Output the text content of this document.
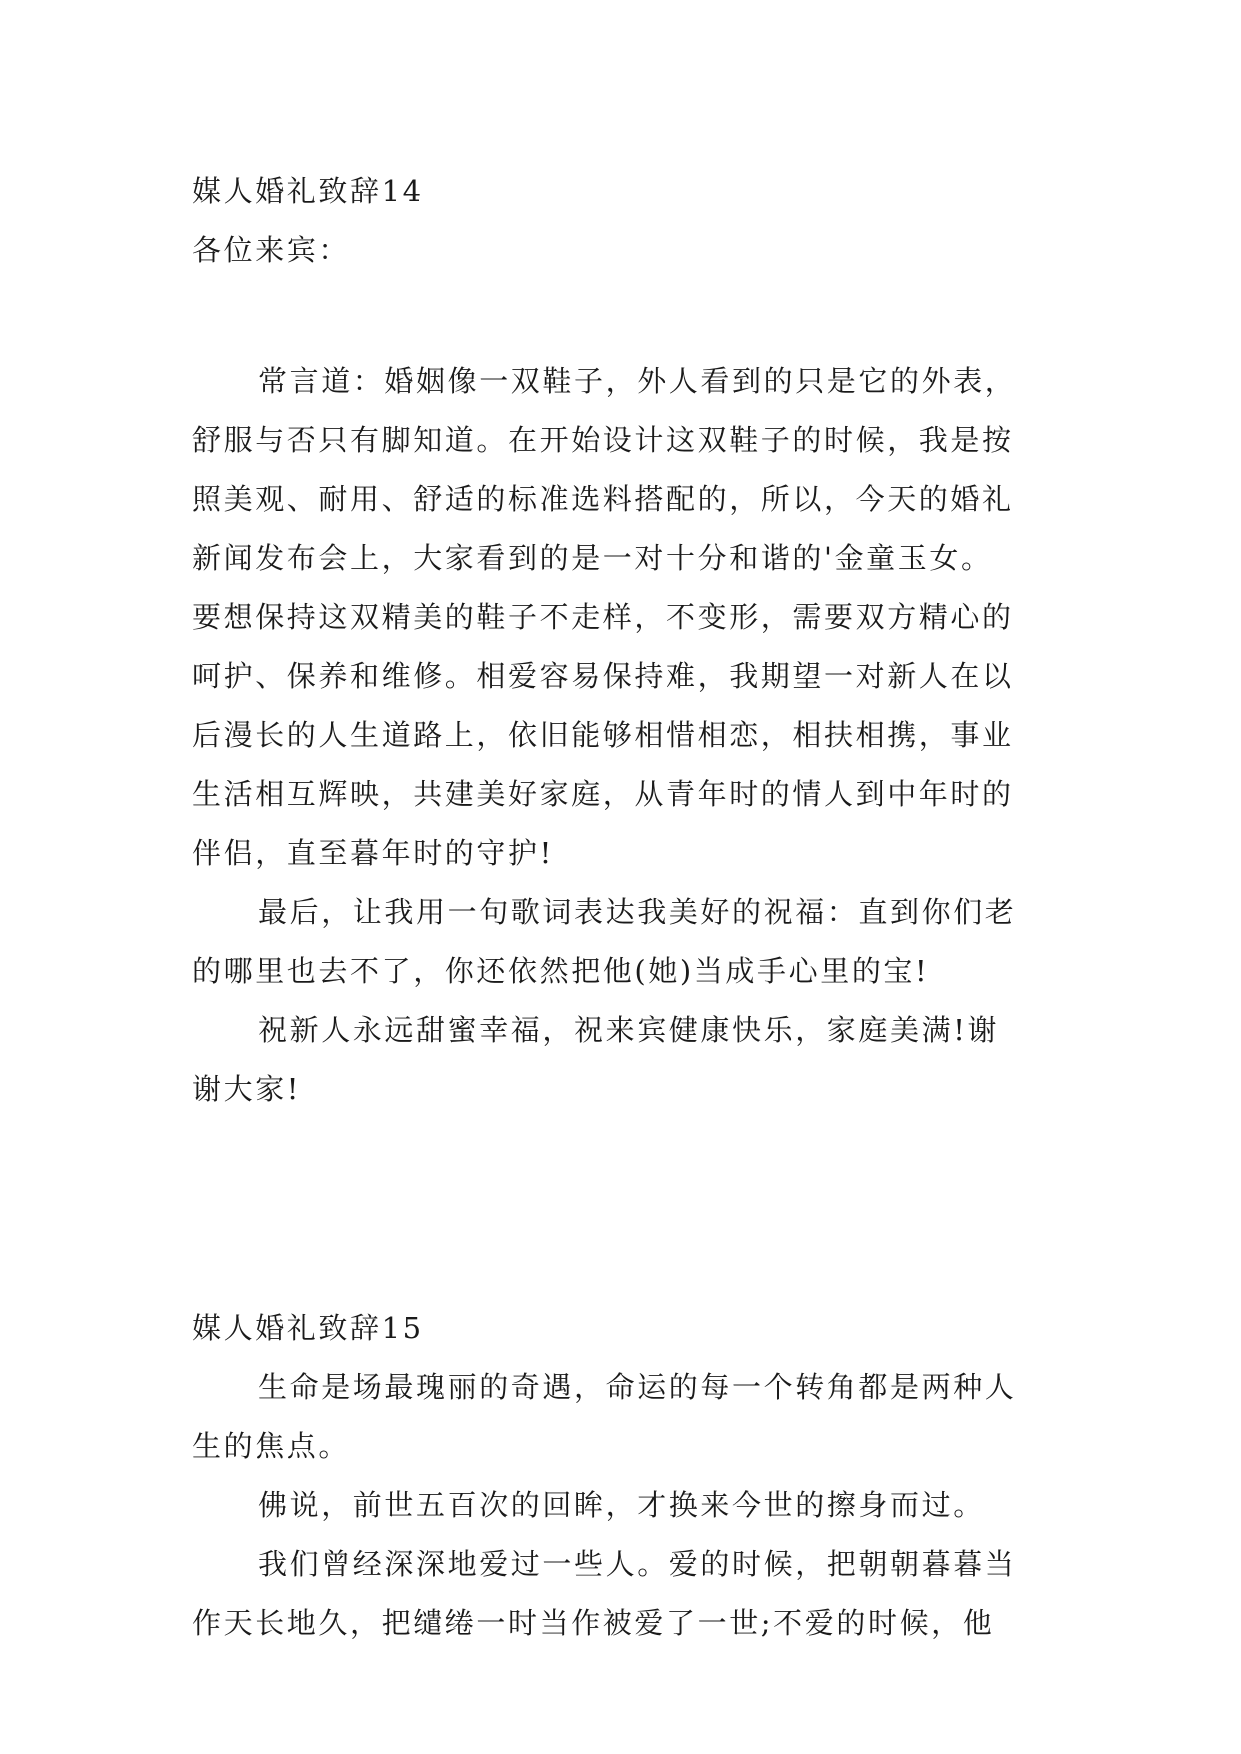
媒人婚礼致辞14
各位来宾：
常言道：婚姻像一双鞋子，外人看到的只是它的外表，
舒服与否只有脚知道。在开始设计这双鞋子的时候，我是按
照美观、耐用、舒适的标准选料搭配的，所以，今天的婚礼
新闻发布会上，大家看到的是一对十分和谐的'金童玉女。
要想保持这双精美的鞋子不走样，不变形，需要双方精心的
呵护、保养和维修。相爱容易保持难，我期望一对新人在以
后漫长的人生道路上，依旧能够相惜相恋，相扶相携，事业
生活相互辉映，共建美好家庭，从青年时的情人到中年时的
伴侣，直至暮年时的守护!
最后，让我用一句歌词表达我美好的祝福：直到你们老
的哪里也去不了，你还依然把他(她)当成手心里的宝!
祝新人永远甜蜜幸福，祝来宾健康快乐，家庭美满!谢
谢大家!
媒人婚礼致辞15
生命是场最瑰丽的奇遇，命运的每一个转角都是两种人
生的焦点。
佛说，前世五百次的回眸，才换来今世的擦身而过。
我们曾经深深地爱过一些人。爱的时候，把朝朝暮暮当
作天长地久，把缱绻一时当作被爱了一世;不爱的时候，他
